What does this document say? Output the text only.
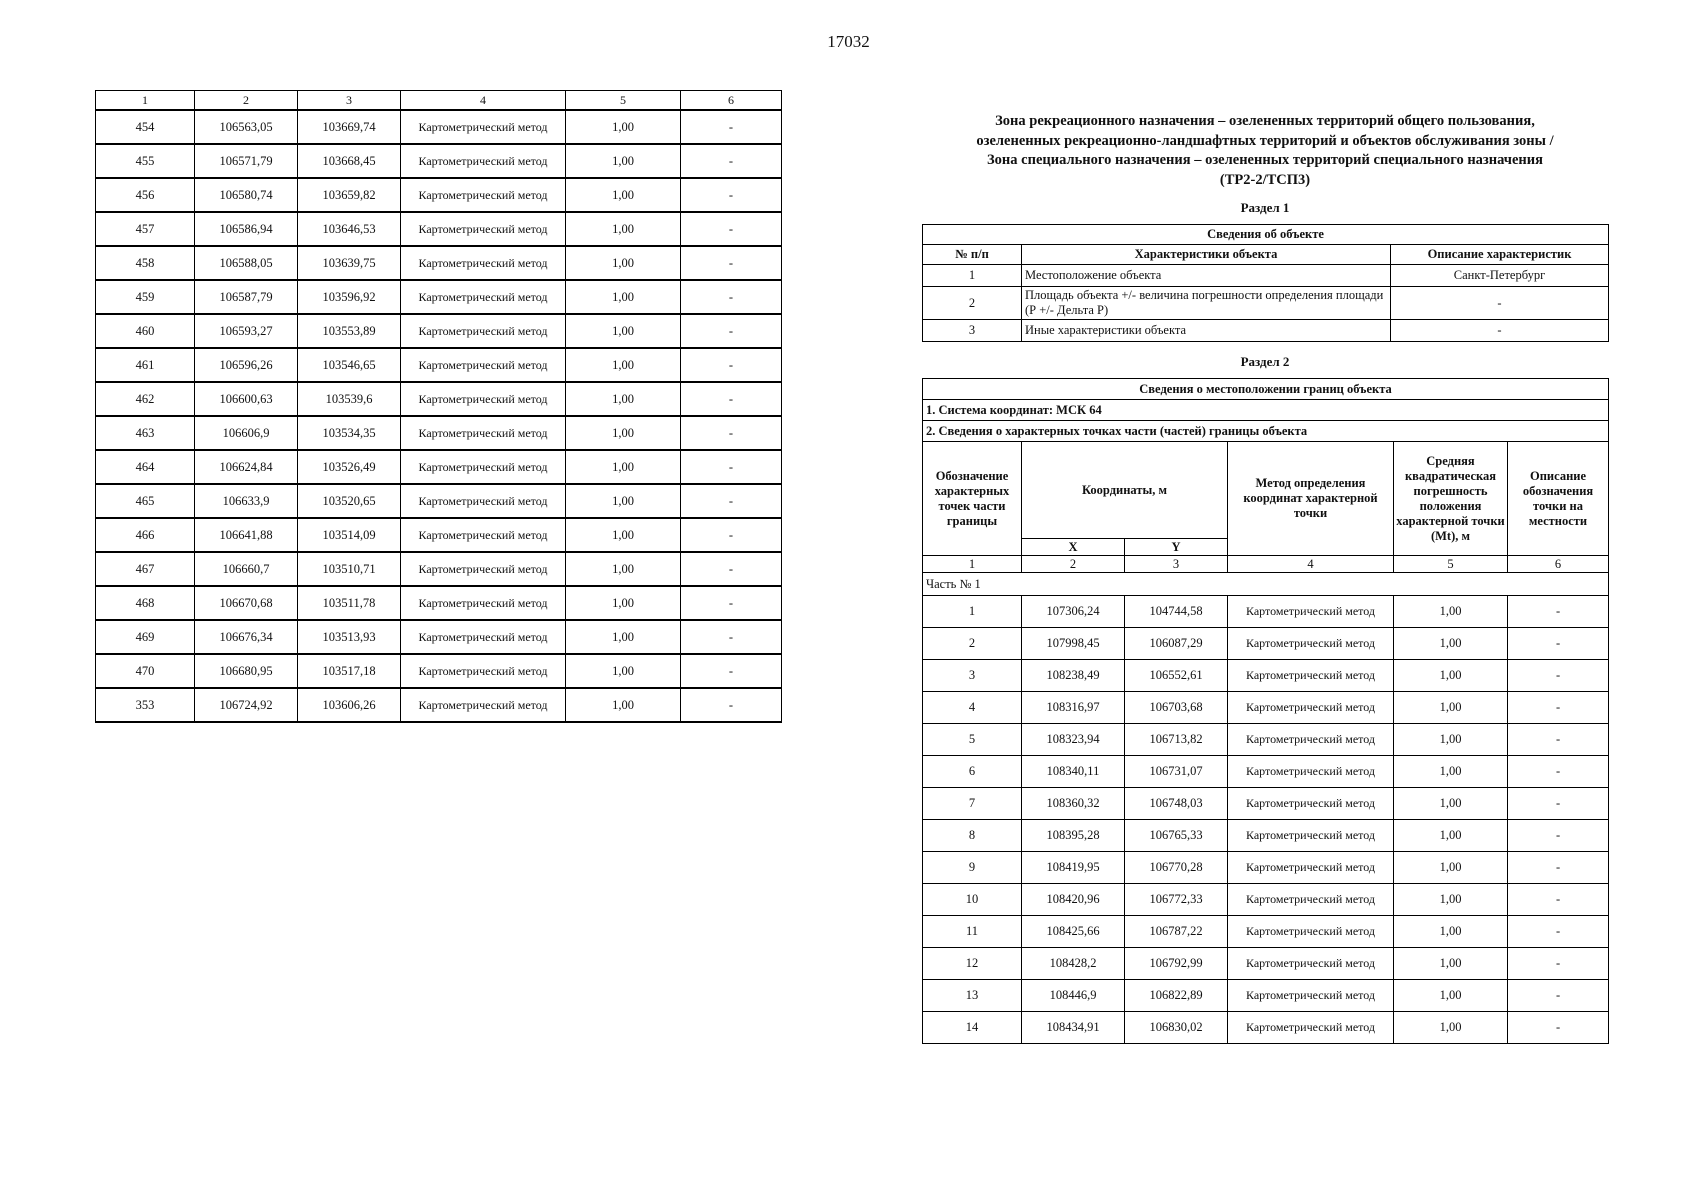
17032
1	2	3	4	5	6
454	106563,05	103669,74	Картометрический метод	1,00	-
455	106571,79	103668,45	Картометрический метод	1,00	-
456	106580,74	103659,82	Картометрический метод	1,00	-
457	106586,94	103646,53	Картометрический метод	1,00	-
458	106588,05	103639,75	Картометрический метод	1,00	-
459	106587,79	103596,92	Картометрический метод	1,00	-
460	106593,27	103553,89	Картометрический метод	1,00	-
461	106596,26	103546,65	Картометрический метод	1,00	-
462	106600,63	103539,6	Картометрический метод	1,00	-
463	106606,9	103534,35	Картометрический метод	1,00	-
464	106624,84	103526,49	Картометрический метод	1,00	-
465	106633,9	103520,65	Картометрический метод	1,00	-
466	106641,88	103514,09	Картометрический метод	1,00	-
467	106660,7	103510,71	Картометрический метод	1,00	-
468	106670,68	103511,78	Картометрический метод	1,00	-
469	106676,34	103513,93	Картометрический метод	1,00	-
470	106680,95	103517,18	Картометрический метод	1,00	-
353	106724,92	103606,26	Картометрический метод	1,00	-

Зона рекреационного назначения – озелененных территорий общего пользования,

озелененных рекреационно-ландшафтных территорий и объектов обслуживания зоны /

Зона специального назначения – озелененных территорий специального назначения

(ТР2-2/ТСП3)

Раздел 1
Сведения об объекте		
№ п/п	Характеристики объекта	Описание характеристик
1	Местоположение объекта	Санкт-Петербург
2	Площадь объекта +/- величина погрешности определения площади (Р +/- Дельта Р)	-
3	Иные характеристики объекта	-
Раздел 2
Сведения о местоположении границ объекта					
1. Система координат: МСК 64					
2. Сведения о характерных точках части (частей) границы объекта					
Обозначение характерных точек части границы	Координаты, м		Метод определения координат характерной точки	Средняя квадратическая погрешность положения характерной точки (Мt), м	Описание обозначения точки на местности
	X	Y			
1	2	3	4	5	6
Часть № 1					
1	107306,24	104744,58	Картометрический метод	1,00	-
2	107998,45	106087,29	Картометрический метод	1,00	-
3	108238,49	106552,61	Картометрический метод	1,00	-
4	108316,97	106703,68	Картометрический метод	1,00	-
5	108323,94	106713,82	Картометрический метод	1,00	-
6	108340,11	106731,07	Картометрический метод	1,00	-
7	108360,32	106748,03	Картометрический метод	1,00	-
8	108395,28	106765,33	Картометрический метод	1,00	-
9	108419,95	106770,28	Картометрический метод	1,00	-
10	108420,96	106772,33	Картометрический метод	1,00	-
11	108425,66	106787,22	Картометрический метод	1,00	-
12	108428,2	106792,99	Картометрический метод	1,00	-
13	108446,9	106822,89	Картометрический метод	1,00	-
14	108434,91	106830,02	Картометрический метод	1,00	-
